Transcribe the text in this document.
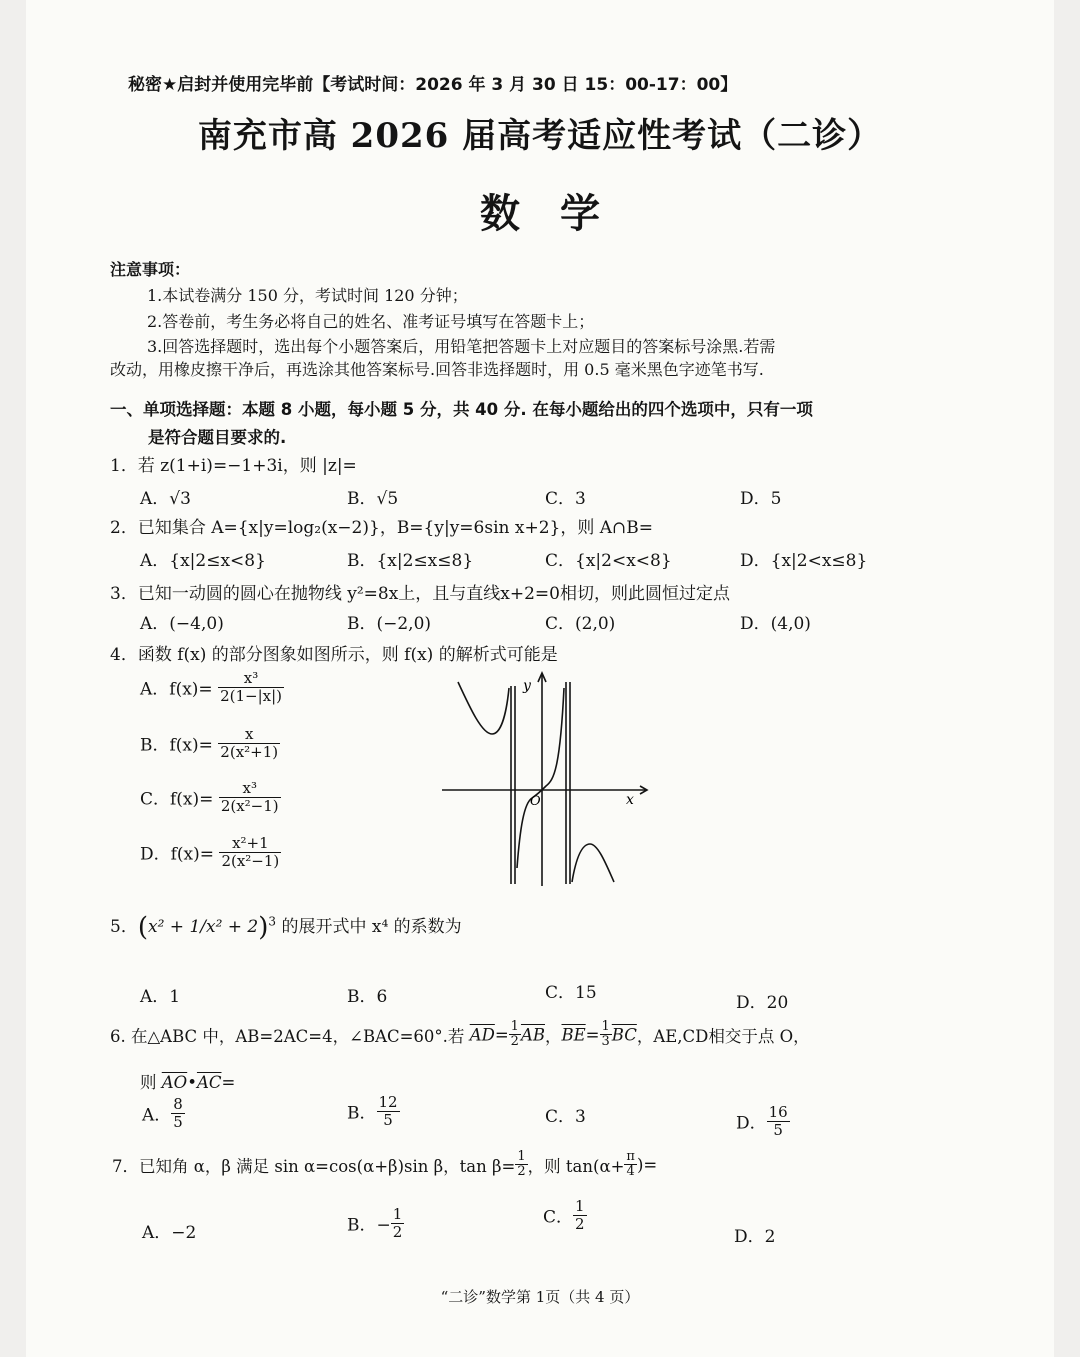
秘密★启封并使用完毕前【考试时间：2026 年 3 月 30 日 15：00-17：00】
南充市高 2026 届高考适应性考试（二诊）
数学
注意事项：
1.本试卷满分 150 分，考试时间 120 分钟；
2.答卷前，考生务必将自己的姓名、准考证号填写在答题卡上；
3.回答选择题时，选出每个小题答案后，用铅笔把答题卡上对应题目的答案标号涂黑.若需
改动，用橡皮擦干净后，再选涂其他答案标号.回答非选择题时，用 0.5 毫米黑色字迹笔书写.
一、单项选择题：本题 8 小题，每小题 5 分，共 40 分. 在每小题给出的四个选项中，只有一项
是符合题目要求的.
1．若 z(1+i)=−1+3i，则 |z|=
A．√3	B．√5	C．3	D．5
2．已知集合 A={x|y=log₂(x−2)}，B={y|y=6sin x+2}，则 A∩B=
A．{x|2≤x<8}	B．{x|2≤x≤8}	C．{x|2<x<8}	D．{x|2<x≤8}
3．已知一动圆的圆心在抛物线 y²=8x上，且与直线x+2=0相切，则此圆恒过定点
A．(−4,0)	B．(−2,0)	C．(2,0)	D．(4,0)
4．函数 f(x) 的部分图象如图所示，则 f(x) 的解析式可能是
A．$f(x)= \frac{\text{x³}}{2(1-|x|)}$
B．$f(x)= \frac{x}{\text{2(x²+1)}}$
C．$f(x)= \frac{\text{x³}}{\text{2(x²−1)}}$
D．$f(x)= \frac{\text{x²+1}}{\text{2(x²−1)}}$
y
x
O
5．$(x^2 + 1/x^2 + 2)^3$ 的展开式中 x⁴ 的系数为
A．1	B．6	C．15	D．20
6. 在△ABC 中，AB=2AC=4，∠BAC=60°.若 $\overline{AD}= \frac{1}{2} \overline{AB}$，$\overline{BE}= \frac{1}{3} \overline{BC}$，AE,CD相交于点 O，
则 $\overline{AO}•\overline{AC}=$
A． $\frac{8}{5}$	B． $\frac{12}{5}$	C．3	D． $\frac{16}{5}$
7．已知角 α，β 满足 sin α=cos(α+β)sin β，$\tan \beta= \frac{1}{2}$ ，则 $\tan(\alpha+ \frac{\pi}{4}$ )=
A．−2	B．− $\frac{1}{2}$	C． $\frac{1}{2}$
D．2
“二诊”数学第 1页（共 4 页）
